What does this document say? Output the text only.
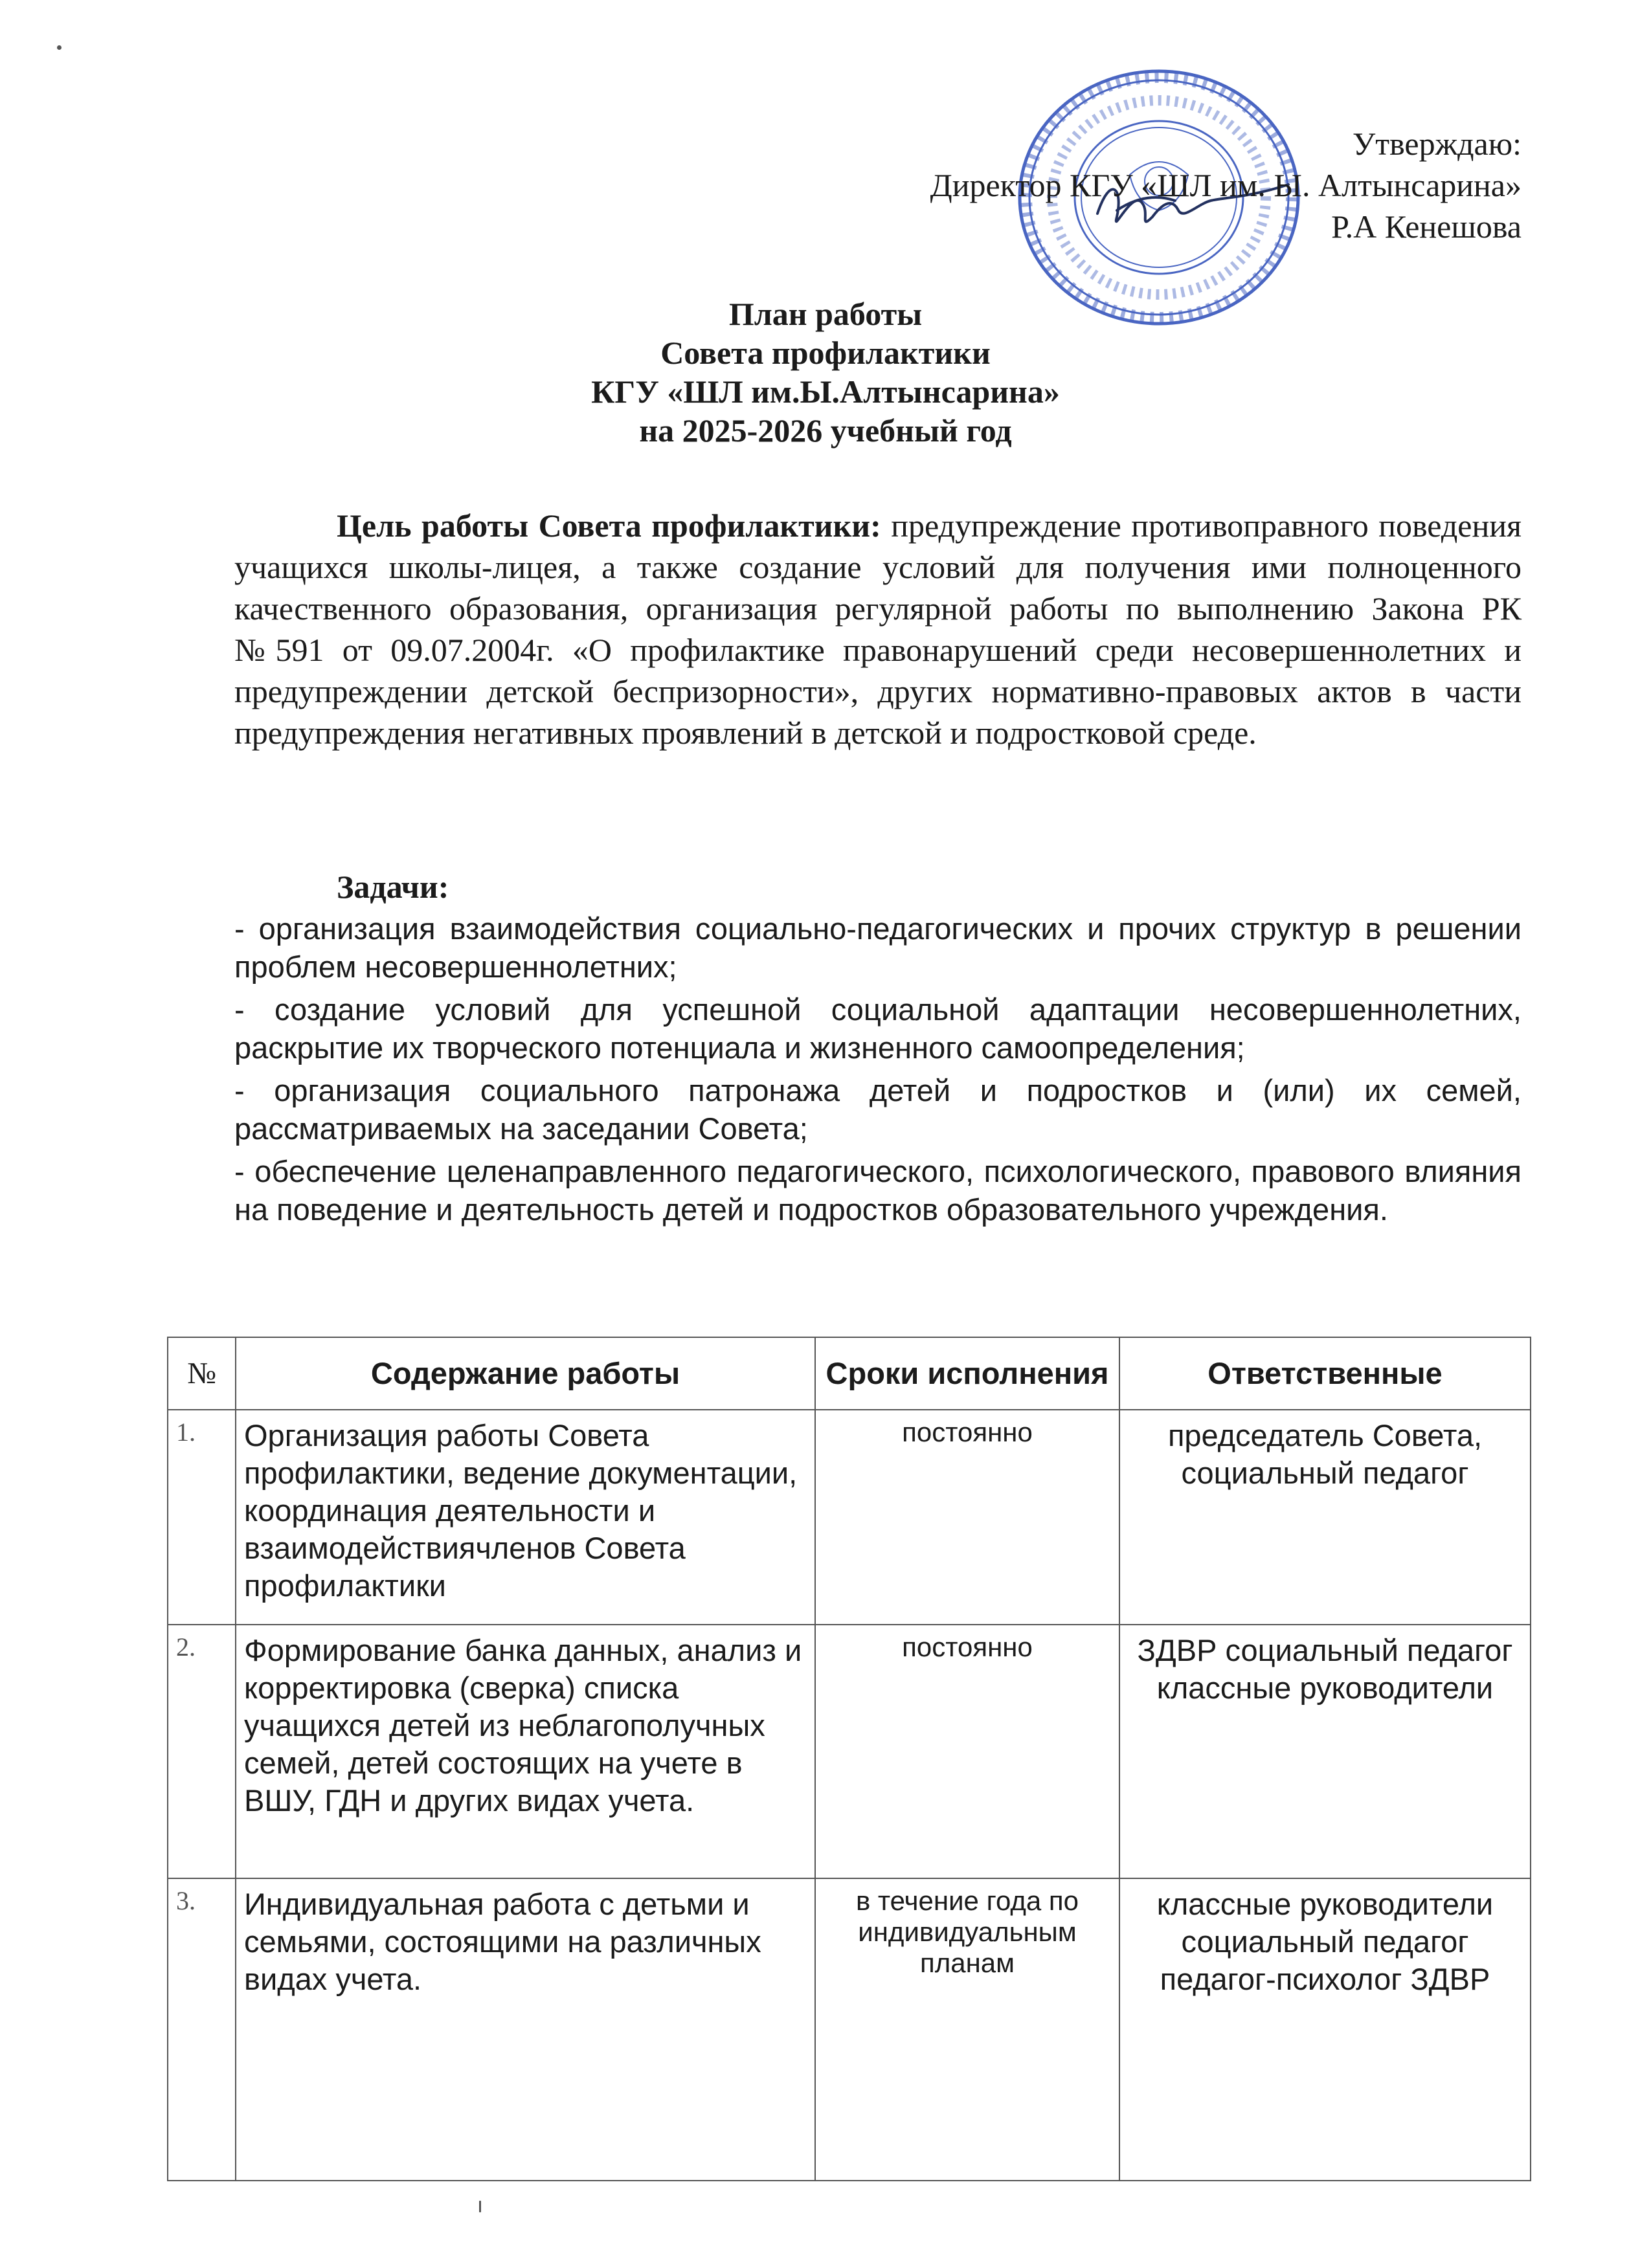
Утверждаю:
Директор КГУ «ШЛ им. Ы. Алтынсарина»
Р.А Кенешова
План работы
Совета профилактики
КГУ «ШЛ им.Ы.Алтынсарина»
на 2025-2026 учебный год
Цель работы Совета профилактики: предупреждение противоправного поведения учащихся школы-лицея, а также создание условий для получения ими полноценного качественного образования, организация регулярной работы по выполнению Закона РК №591 от 09.07.2004г. «О профилактике правонарушений среди несовершеннолетних и предупреждении детской беспризорности», других нормативно-правовых актов в части предупреждения негативных проявлений в детской и подростковой среде.
Задачи:

- организация взаимодействия социально-педагогических и прочих структур в решении проблем несовершеннолетних;

- создание условий для успешной социальной адаптации несовершеннолетних, раскрытие их творческого потенциала и жизненного самоопределения;

- организация социального патронажа детей и подростков и (или) их семей, рассматриваемых на заседании Совета;

- обеспечение целенаправленного педагогического, психологического, правового влияния на поведение и деятельность детей и подростков образовательного учреждения.

№	Содержание работы	Сроки исполнения	Ответственные
1.	Организация работы Совета профилактики, ведение документации, координация деятельности и взаимодействиячленов Совета профилактики	постоянно	председатель Совета, социальный педагог
2.	Формирование банка данных, анализ и корректировка (сверка) списка учащихся детей из неблагополучных семей, детей состоящих на учете в ВШУ, ГДН и других видах учета.	постоянно	ЗДВР социальный педагог классные руководители
3.	Индивидуальная работа с детьми и семьями, состоящими на различных видах учета.	в течение года по индивидуальным планам	классные руководители социальный педагог педагог-психолог ЗДВР
